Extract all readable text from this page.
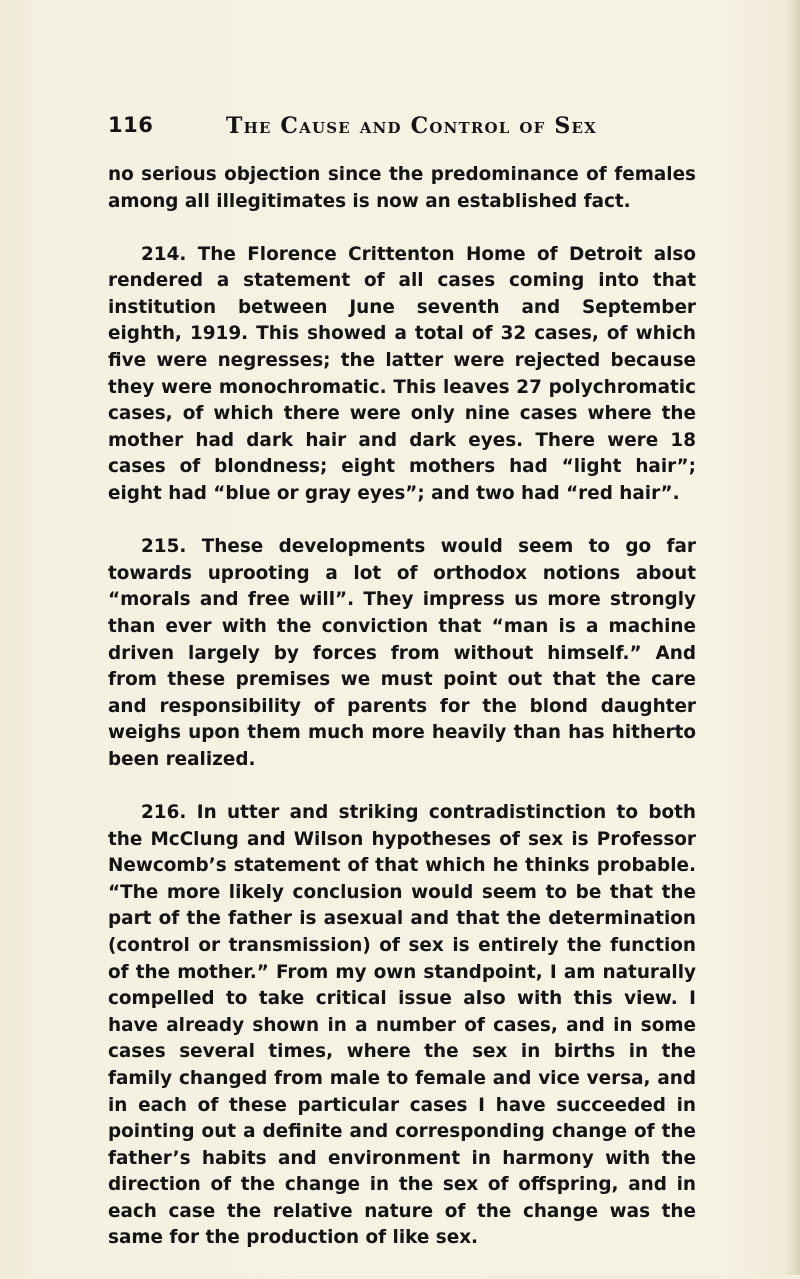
116	The Cause and Control of Sex

no serious objection since the predominance of females among all illegitimates is now an established fact.

214. The Florence Crittenton Home of Detroit also rendered a statement of all cases coming into that institution between June seventh and September eighth, 1919. This showed a total of 32 cases, of which five were negresses; the latter were rejected because they were monochromatic. This leaves 27 polychromatic cases, of which there were only nine cases where the mother had dark hair and dark eyes. There were 18 cases of blondness; eight mothers had “light hair”; eight had “blue or gray eyes”; and two had “red hair”.

215. These developments would seem to go far towards uprooting a lot of orthodox notions about “morals and free will”. They impress us more strongly than ever with the conviction that “man is a machine driven largely by forces from without himself.” And from these premises we must point out that the care and responsibility of parents for the blond daughter weighs upon them much more heavily than has hitherto been realized.

216. In utter and striking contradistinction to both the McClung and Wilson hypotheses of sex is Professor Newcomb’s statement of that which he thinks probable. “The more likely conclusion would seem to be that the part of the father is asexual and that the determination (control or transmission) of sex is entirely the function of the mother.” From my own standpoint, I am naturally compelled to take critical issue also with this view. I have already shown in a number of cases, and in some cases several times, where the sex in births in the family changed from male to female and vice versa, and in each of these particular cases I have succeeded in pointing out a definite and corresponding change of the father’s habits and environment in harmony with the direction of the change in the sex of offspring, and in each case the relative nature of the change was the same for the production of like sex.
